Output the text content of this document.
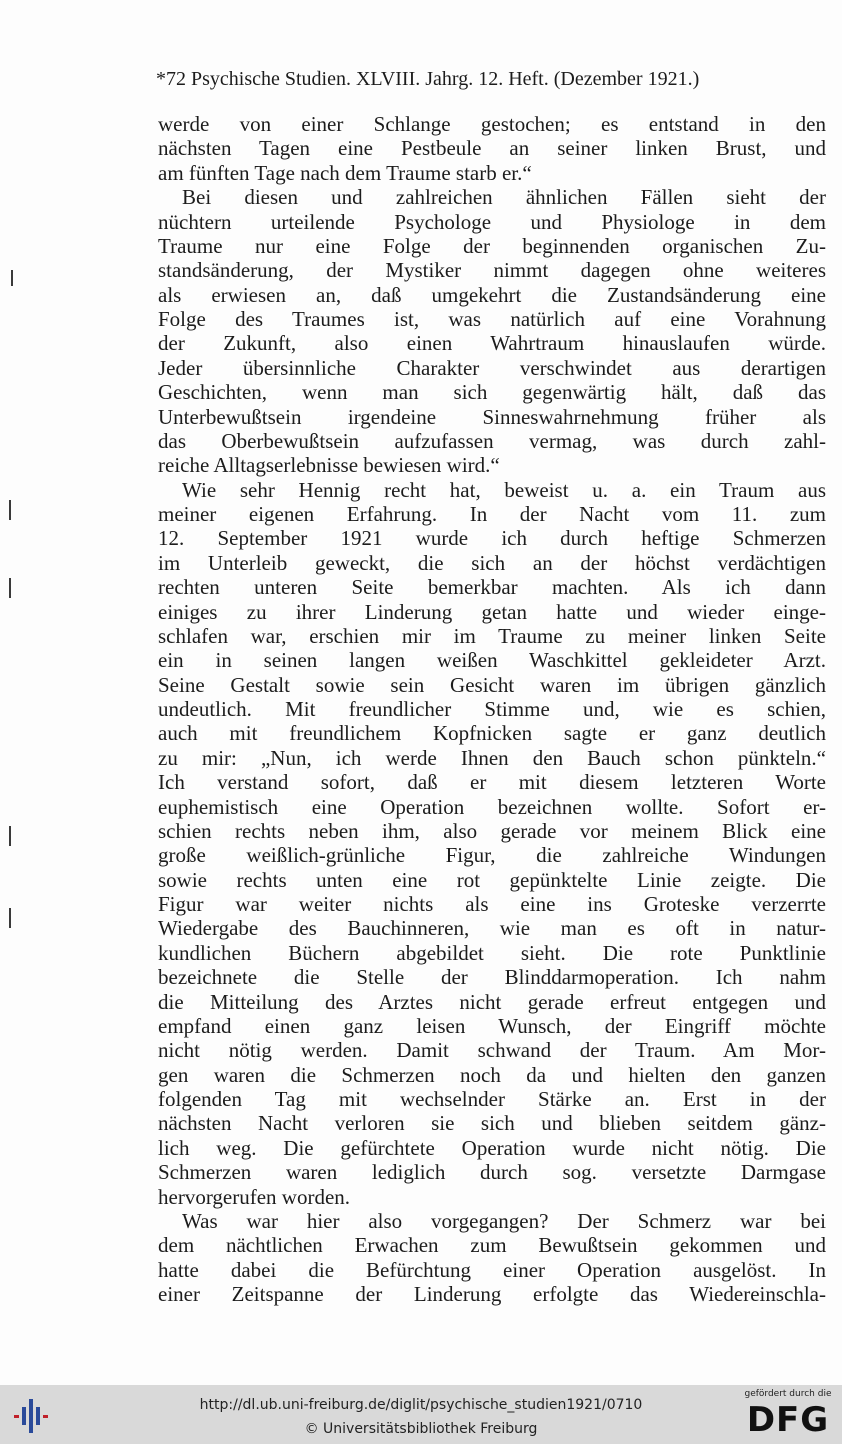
*72 Psychische Studien. XLVIII. Jahrg. 12. Heft. (Dezember 1921.)
werde von einer Schlange gestochen; es entstand in den
nächsten Tagen eine Pestbeule an seiner linken Brust, und
am fünften Tage nach dem Traume starb er.“
Bei diesen und zahlreichen ähnlichen Fällen sieht der
nüchtern urteilende Psychologe und Physiologe in dem
Traume nur eine Folge der beginnenden organischen Zu-
standsänderung, der Mystiker nimmt dagegen ohne weiteres
als erwiesen an, daß umgekehrt die Zustandsänderung eine
Folge des Traumes ist, was natürlich auf eine Vorahnung
der Zukunft, also einen Wahrtraum hinauslaufen würde.
Jeder übersinnliche Charakter verschwindet aus derartigen
Geschichten, wenn man sich gegenwärtig hält, daß das
Unterbewußtsein irgendeine Sinneswahrnehmung früher als
das Oberbewußtsein aufzufassen vermag, was durch zahl-
reiche Alltagserlebnisse bewiesen wird.“
Wie sehr Hennig recht hat, beweist u. a. ein Traum aus
meiner eigenen Erfahrung. In der Nacht vom 11. zum
12. September 1921 wurde ich durch heftige Schmerzen
im Unterleib geweckt, die sich an der höchst verdächtigen
rechten unteren Seite bemerkbar machten. Als ich dann
einiges zu ihrer Linderung getan hatte und wieder einge-
schlafen war, erschien mir im Traume zu meiner linken Seite
ein in seinen langen weißen Waschkittel gekleideter Arzt.
Seine Gestalt sowie sein Gesicht waren im übrigen gänzlich
undeutlich. Mit freundlicher Stimme und, wie es schien,
auch mit freundlichem Kopfnicken sagte er ganz deutlich
zu mir: „Nun, ich werde Ihnen den Bauch schon pünkteln.“
Ich verstand sofort, daß er mit diesem letzteren Worte
euphemistisch eine Operation bezeichnen wollte. Sofort er-
schien rechts neben ihm, also gerade vor meinem Blick eine
große weißlich-grünliche Figur, die zahlreiche Windungen
sowie rechts unten eine rot gepünktelte Linie zeigte. Die
Figur war weiter nichts als eine ins Groteske verzerrte
Wiedergabe des Bauchinneren, wie man es oft in natur-
kundlichen Büchern abgebildet sieht. Die rote Punktlinie
bezeichnete die Stelle der Blinddarmoperation. Ich nahm
die Mitteilung des Arztes nicht gerade erfreut entgegen und
empfand einen ganz leisen Wunsch, der Eingriff möchte
nicht nötig werden. Damit schwand der Traum. Am Mor-
gen waren die Schmerzen noch da und hielten den ganzen
folgenden Tag mit wechselnder Stärke an. Erst in der
nächsten Nacht verloren sie sich und blieben seitdem gänz-
lich weg. Die gefürchtete Operation wurde nicht nötig. Die
Schmerzen waren lediglich durch sog. versetzte Darmgase
hervorgerufen worden.
Was war hier also vorgegangen? Der Schmerz war bei
dem nächtlichen Erwachen zum Bewußtsein gekommen und
hatte dabei die Befürchtung einer Operation ausgelöst. In
einer Zeitspanne der Linderung erfolgte das Wiedereinschla-
http://dl.ub.uni-freiburg.de/diglit/psychische_studien1921/0710
© Universitätsbibliothek Freiburg
gefördert durch die
DFG
